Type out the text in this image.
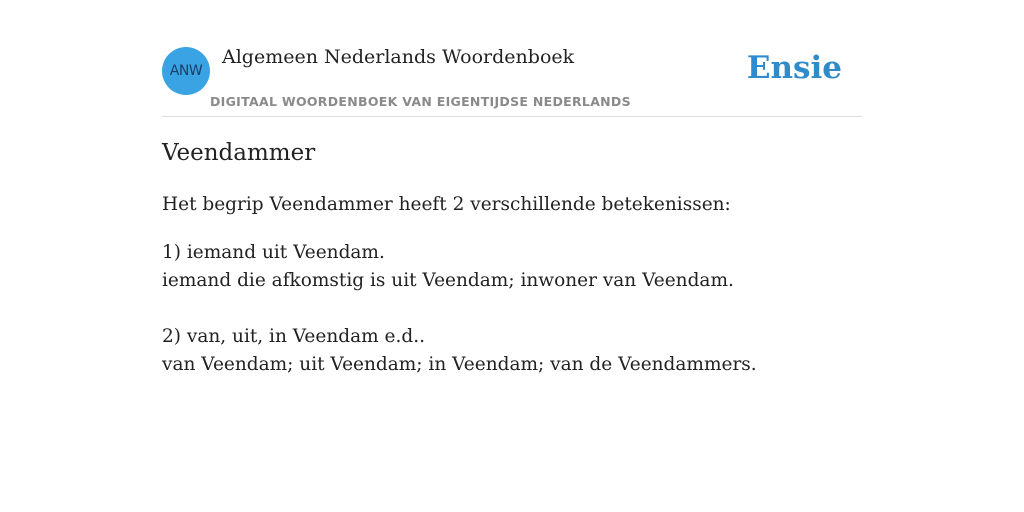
ANW
Algemeen Nederlands Woordenboek
DIGITAAL WOORDENBOEK VAN EIGENTIJDSE NEDERLANDS
Ensie
Veendammer
Het begrip Veendammer heeft 2 verschillende betekenissen:
1) iemand uit Veendam.
iemand die afkomstig is uit Veendam; inwoner van Veendam.
2) van, uit, in Veendam e.d..
van Veendam; uit Veendam; in Veendam; van de Veendammers.
